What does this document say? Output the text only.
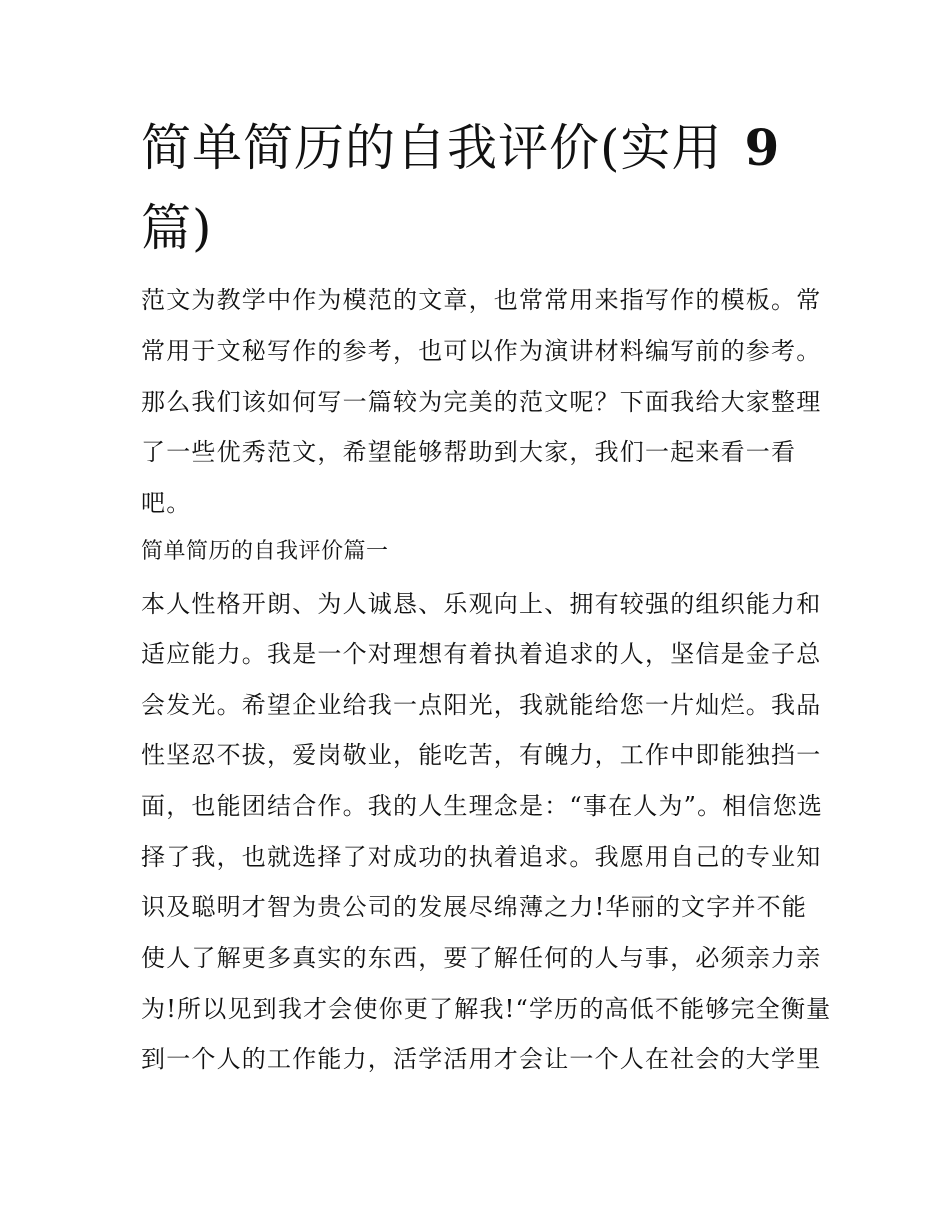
简单简历的自我评价(实用 9
篇)

范文为教学中作为模范的文章，也常常用来指写作的模板。常

常用于文秘写作的参考，也可以作为演讲材料编写前的参考。

那么我们该如何写一篇较为完美的范文呢？下面我给大家整理

了一些优秀范文，希望能够帮助到大家，我们一起来看一看

吧。

简单简历的自我评价篇一

本人性格开朗、为人诚恳、乐观向上、拥有较强的组织能力和

适应能力。我是一个对理想有着执着追求的人，坚信是金子总

会发光。希望企业给我一点阳光，我就能给您一片灿烂。我品

性坚忍不拔，爱岗敬业，能吃苦，有魄力，工作中即能独挡一

面，也能团结合作。我的人生理念是：“事在人为”。相信您选

择了我，也就选择了对成功的执着追求。我愿用自己的专业知

识及聪明才智为贵公司的发展尽绵薄之力!华丽的文字并不能

使人了解更多真实的东西，要了解任何的人与事，必须亲力亲

为!所以见到我才会使你更了解我!“学历的高低不能够完全衡量

到一个人的工作能力，活学活用才会让一个人在社会的大学里
